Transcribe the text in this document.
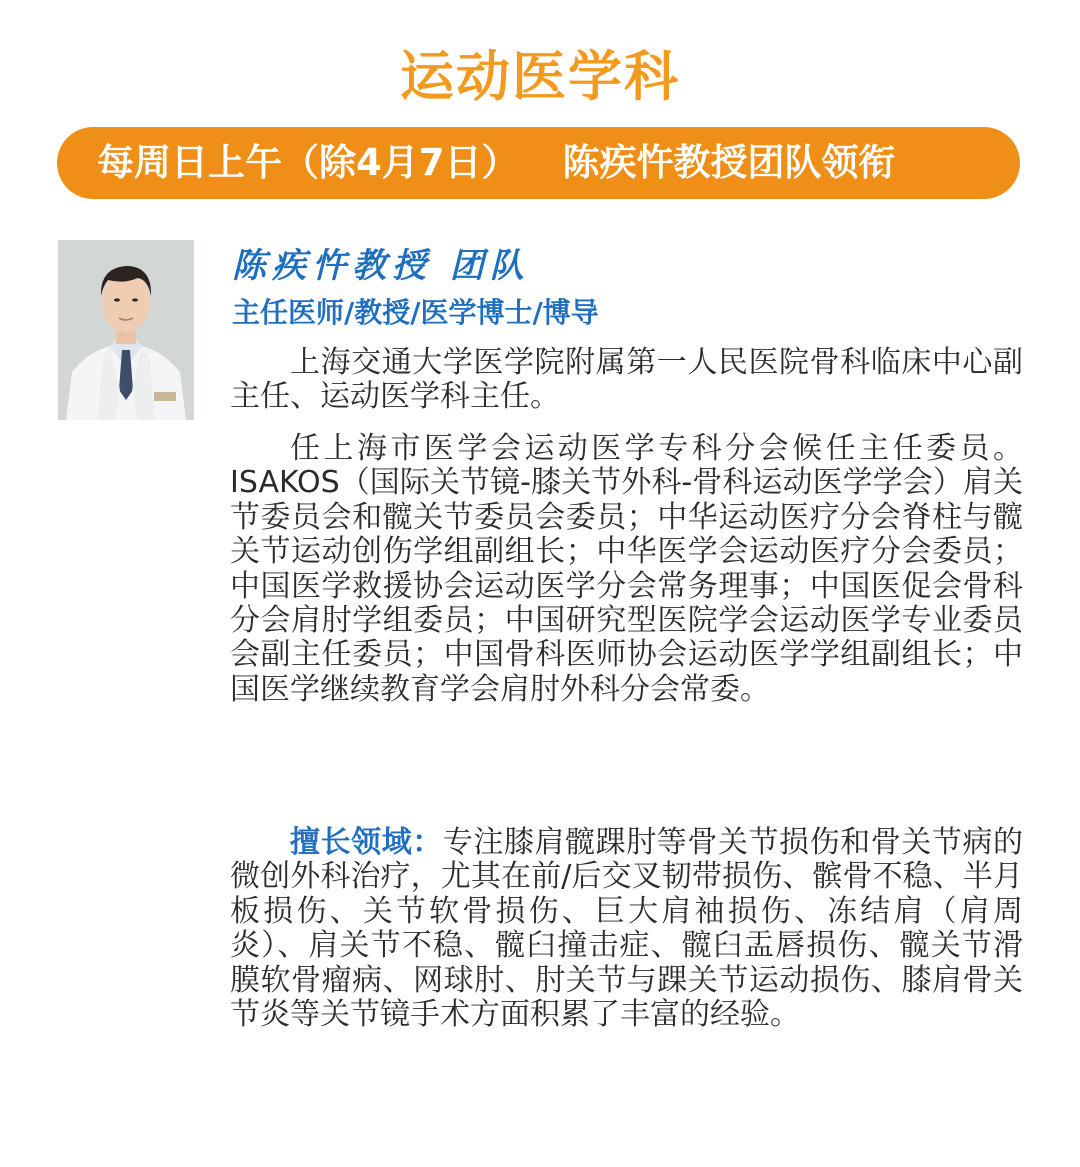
运动医学科
每周日上午（除4月7日） 陈疾忤教授团队领衔
陈疾忤教授 团队
主任医师/教授/医学博士/博导

上海交通大学医学院附属第一人民医院骨科临床中心副主任、运动医学科主任。

任上海市医学会运动医学专科分会候任主任委员。ISAKOS（国际关节镜-膝关节外科-骨科运动医学学会）肩关节委员会和髋关节委员会委员；中华运动医疗分会脊柱与髋关节运动创伤学组副组长；中华医学会运动医疗分会委员；中国医学救援协会运动医学分会常务理事；中国医促会骨科分会肩肘学组委员；中国研究型医院学会运动医学专业委员会副主任委员；中国骨科医师协会运动医学学组副组长；中国医学继续教育学会肩肘外科分会常委。

擅长领域：专注膝肩髋踝肘等骨关节损伤和骨关节病的微创外科治疗，尤其在前/后交叉韧带损伤、髌骨不稳、半月板损伤、关节软骨损伤、巨大肩袖损伤、冻结肩（肩周炎）、肩关节不稳、髋臼撞击症、髋臼盂唇损伤、髋关节滑膜软骨瘤病、网球肘、肘关节与踝关节运动损伤、膝肩骨关节炎等关节镜手术方面积累了丰富的经验。
